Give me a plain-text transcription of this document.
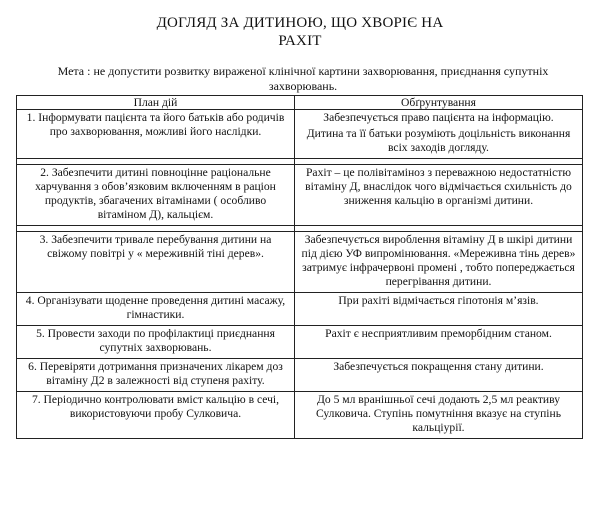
ДОГЛЯД ЗА ДИТИНОЮ, ЩО ХВОРІЄ НА
РАХІТ
Мета : не допустити розвитку вираженої клінічної картини захворювання, приєднання супутніх захворювань.
План дій	Обґрунтування
1. Інформувати пацієнта та його батьків або родичів про захворювання, можливі його наслідки.	Забезпечується право пацієнта на інформацію.
Дитина та її батьки розуміють доцільність виконання всіх заходів догляду.

2. Забезпечити дитині повноцінне раціональне харчування з обов’язковим включенням в раціон продуктів, збагачених вітамінами ( особливо вітаміном Д), кальцієм.	Рахіт – це полівітаміноз з переважною недостатністю вітаміну Д, внаслідок чого відмічається схильність до зниження кальцію в організмі дитини.

3. Забезпечити тривале перебування дитини на свіжому повітрі у « мереживній тіні дерев».	Забезпечується вироблення вітаміну Д в шкірі дитини під дією УФ випромінювання. «Мереживна тінь дерев» затримує інфрачервоні промені , тобто попереджається перегрівання дитини.

4. Організувати щоденне проведення дитині масажу, гімнастики.	При рахіті відмічається гіпотонія м’язів.

5. Провести заходи по профілактиці приєднання супутніх захворювань.	Рахіт є несприятливим преморбідним станом.

6. Перевіряти дотримання призначених лікарем доз вітаміну Д2 в залежності від ступеня рахіту.	Забезпечується покращення стану дитини.

7. Періодично контролювати вміст кальцію в сечі, використовуючи пробу Сулковича.	До 5 мл вранішньої сечі додають 2,5 мл реактиву Сулковича. Ступінь помутніння вказує на ступінь кальціурії.
